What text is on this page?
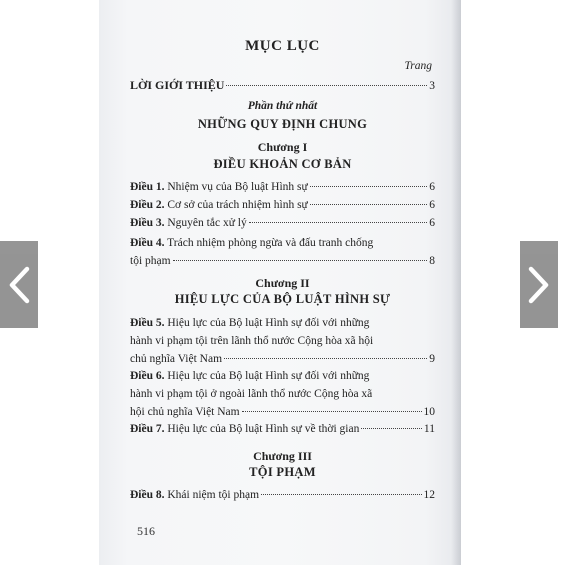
MỤC LỤC
Trang
LỜI GIỚI THIỆU	3
Phần thứ nhất
NHỮNG QUY ĐỊNH CHUNG
Chương I
ĐIỀU KHOẢN CƠ BẢN
Điều 1. Nhiệm vụ của Bộ luật Hình sự	6
Điều 2. Cơ sở của trách nhiệm hình sự	6
Điều 3. Nguyên tắc xử lý	6
Điều 4. Trách nhiệm phòng ngừa và đấu tranh chống
tội phạm	8
Chương II
HIỆU LỰC CỦA BỘ LUẬT HÌNH SỰ
Điều 5. Hiệu lực của Bộ luật Hình sự đối với những
hành vi phạm tội trên lãnh thổ nước Cộng hòa xã hội
chủ nghĩa Việt Nam	9
Điều 6. Hiệu lực của Bộ luật Hình sự đối với những
hành vi phạm tội ở ngoài lãnh thổ nước Cộng hòa xã
hội chủ nghĩa Việt Nam	10
Điều 7. Hiệu lực của Bộ luật Hình sự về thời gian	11
Chương III
TỘI PHẠM
Điều 8. Khái niệm tội phạm	12
516
